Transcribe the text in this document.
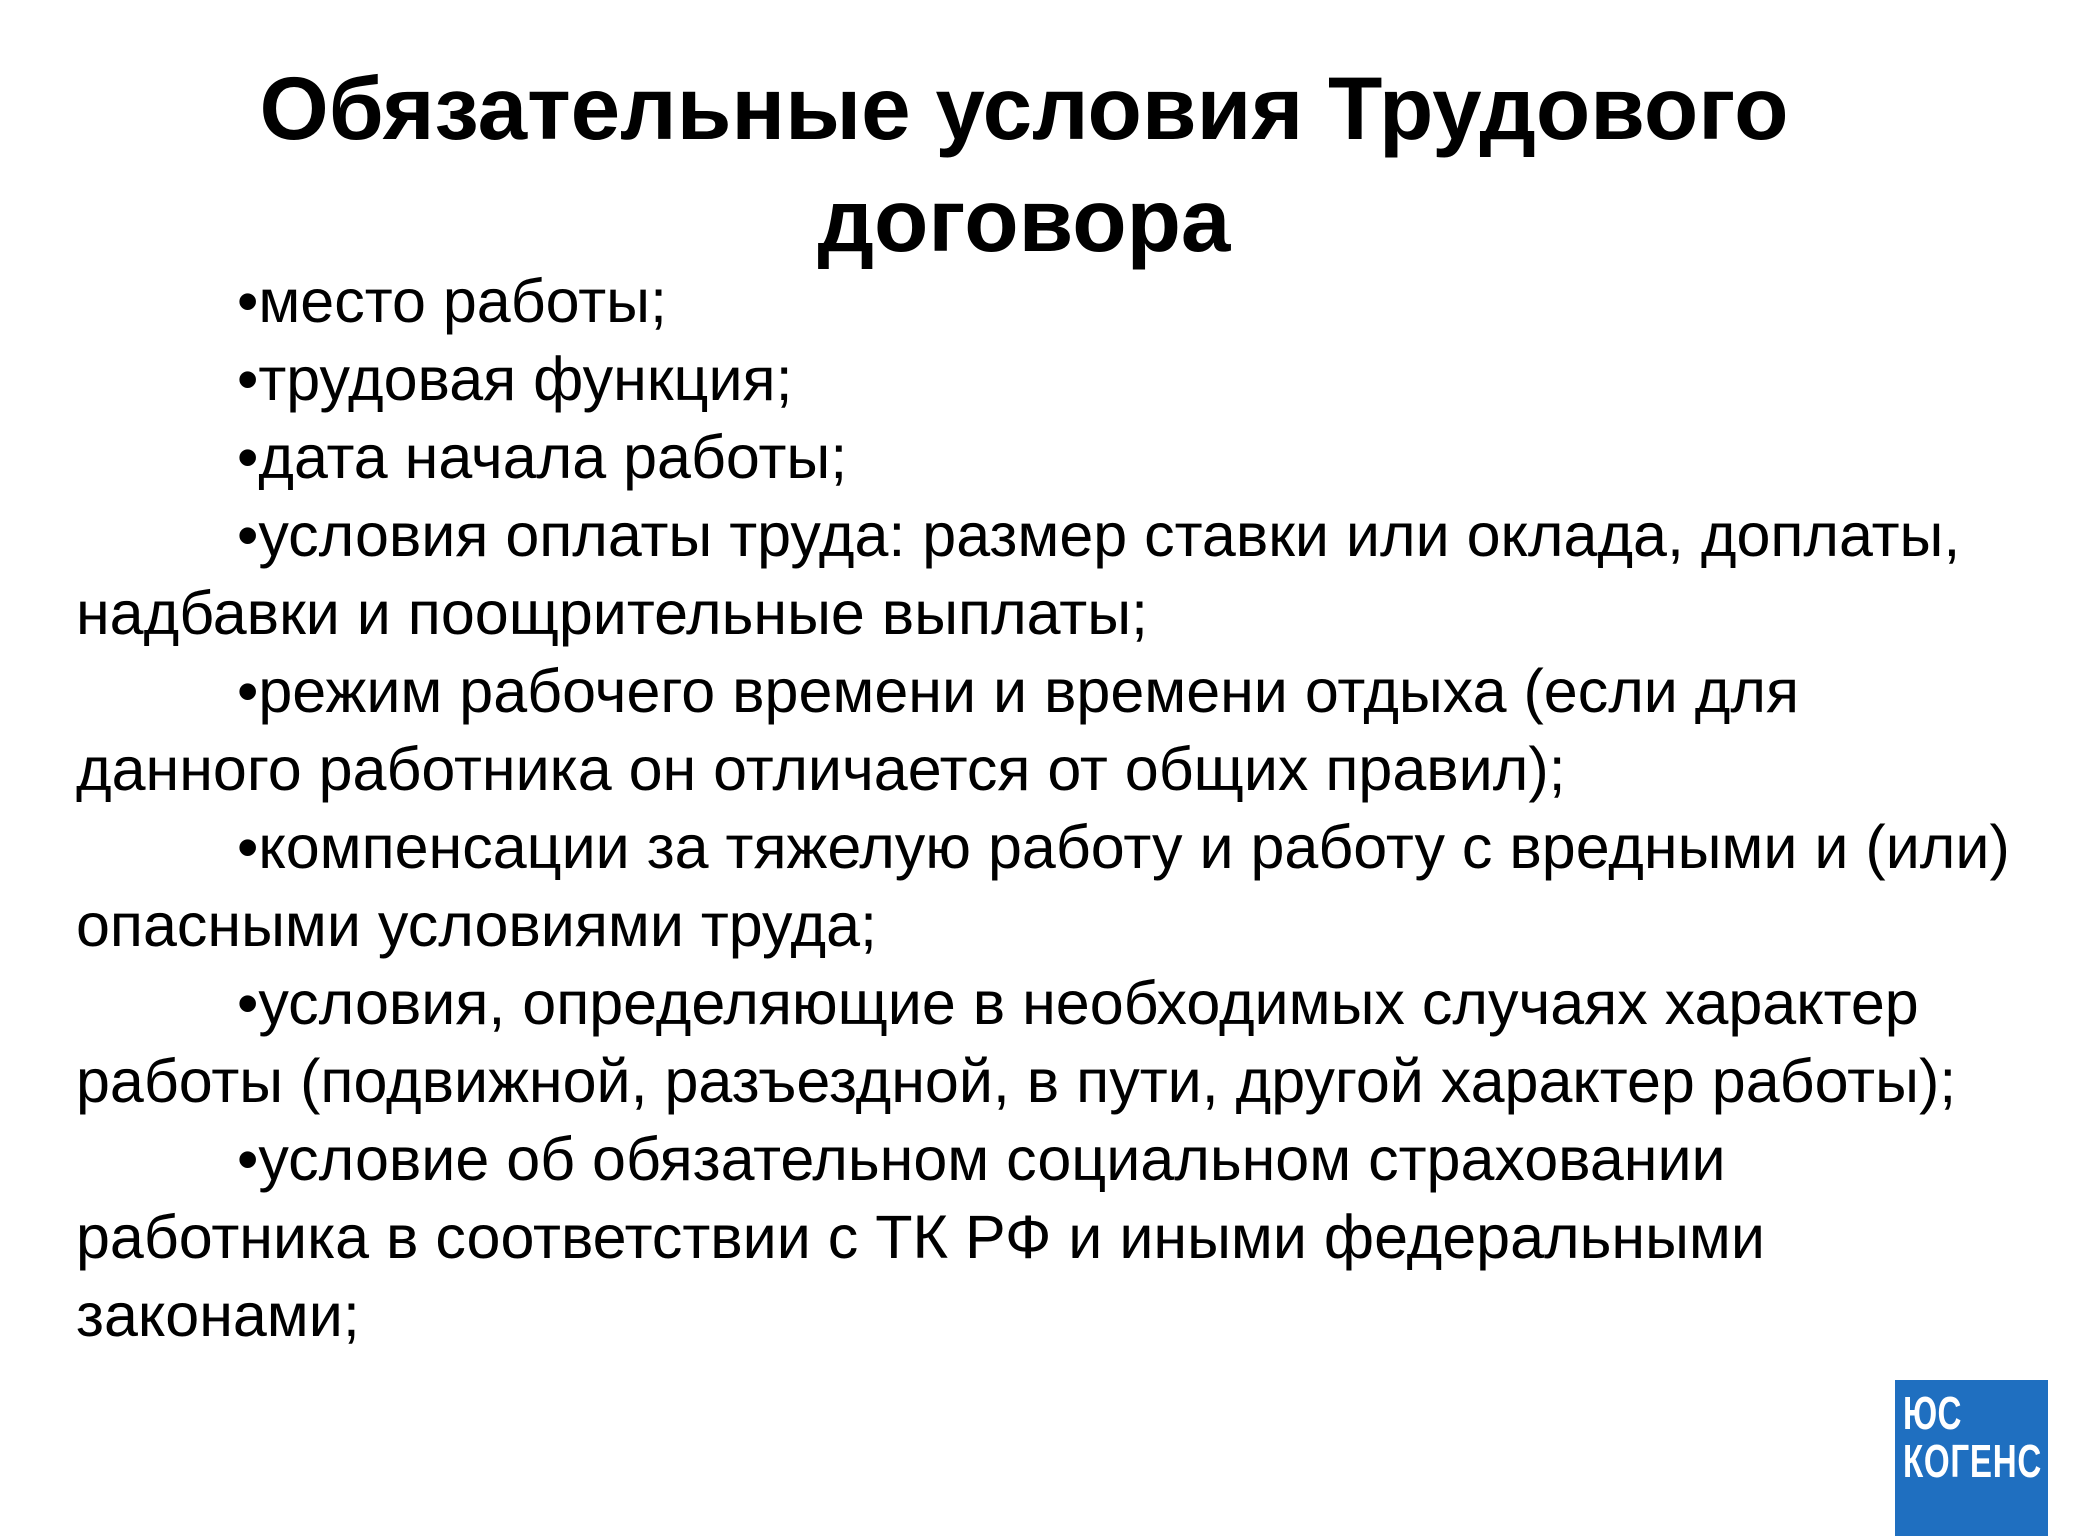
Обязательные условия Трудового
договора
•место работы;
•трудовая функция;
•дата начала работы;
•условия оплаты труда: размер ставки или оклада, доплаты, надбавки и поощрительные выплаты;
•режим рабочего времени и времени отдыха (если для данного работника он отличается от общих правил);
•компенсации за тяжелую работу и работу с вредными и (или) опасными условиями труда;
•условия, определяющие в необходимых случаях характер работы (подвижной, разъездной, в пути, другой характер работы);
•условие об обязательном социальном страховании работника в соответствии с ТК РФ и иными федеральными законами;
ЮС
КОГЕНС Б
